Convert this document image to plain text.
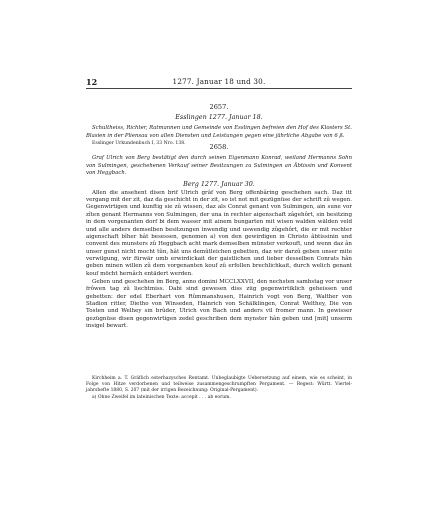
12	1277. Januar 18 und 30.

2657.

Esslingen 1277. Januar 18.

Schultheiss, Richter, Ratmannen und Gemeinde von Esslingen befreien den Hof des Klosters St. Blasien in der Pliensau von allen Diensten und Leistungen gegen eine jährliche Abgabe von 6 ß.

Esslinger Urkundenbuch I, 33 Nro. 138.	2658.

Graf Ulrich von Berg bestätigt den durch seinen Eigenmann Konrad, weiland Hermanns Sohn von Sulmingen, geschehenen Verkauf seiner Besitzungen zu Sulmingen an Äbtissin und Konvent von Heggbach.

Berg 1277. Januar 30.

Allen die ansehent disen brif Ulrich grâf von Berg offenbâring geschehen sach. Daz itt vergang mit der zit, daz da geschicht in der zit, so ist not mit gezügnüse der schrift zû wegen. Gegenwirtigen und kunftig sie zû wissen, daz als Conrat genant von Sulmingen, ain sune vor zîten genant Hermanns von Sulmingen, der una in rechter aigenschaft zâgehôrt, sin besitzing in dem vorgenanten dorf bi dem wasser mit ainem bungarten mit wisen walden wälden veld und alle anders demselben besitzungen inwendig und uswendig zûgehôrt, die er mit rechter aigenschaft bîher hât besessen, genomen a) von den gewirdigen in Christo âbtissinin und convent des munsters zû Heggbach acht mark demselben münster verkouft, und wenn daz ân unser gunst nicht mocht tûn, hât uns demûtleichen gebetten, daz wir darzû geben unser mite verwilgung, wir fürwär umb erwirdickait der gaistlichen und lieber desselben Conrats hân geben minen willen zû dem vorgenanten kouf zû erfollen brechlichkait, durch welich genant kouf möcht hernâch entädert werden.

Geben und geschehen im Berg, anno domini MCCLXXVII, den nechsten sambstag vor unser frôwen tag zû liechtmiss. Dabi sind gewesen diss züg gegenwirtiklich geheissen und gebetten: der edel Eberhart von Rûmmanshusen, Hainrich vogt von Berg, Walther von Stadion ritter, Dietho von Winseden, Hainrich von Schälklingen, Conrat Welthey, Die von Tosten und Welhey sin brûder, Ulrich von Bach und anders vil fromer mann. In gewisser gezügnüse disen gegenwirtigen zedel geschriben dem mynster hân geben und [mit] unserm insigel bewart.

Kirchheim a. T. Gräflich esterhazysches Rentamt. Unbeglaubigte Uebersetzung auf einem, wie es scheint, in Folge von Hitze verdorbenen und teilweise zusammengeschrumpften Pergament. — Regest: Württ. Viertel-jahrshefte 1880, S. 207 (mit der irrigen Bezeichnung: Original-Pergament).

a) Ohne Zweifel im lateinischen Texte: accepit . . . ab eorum.
